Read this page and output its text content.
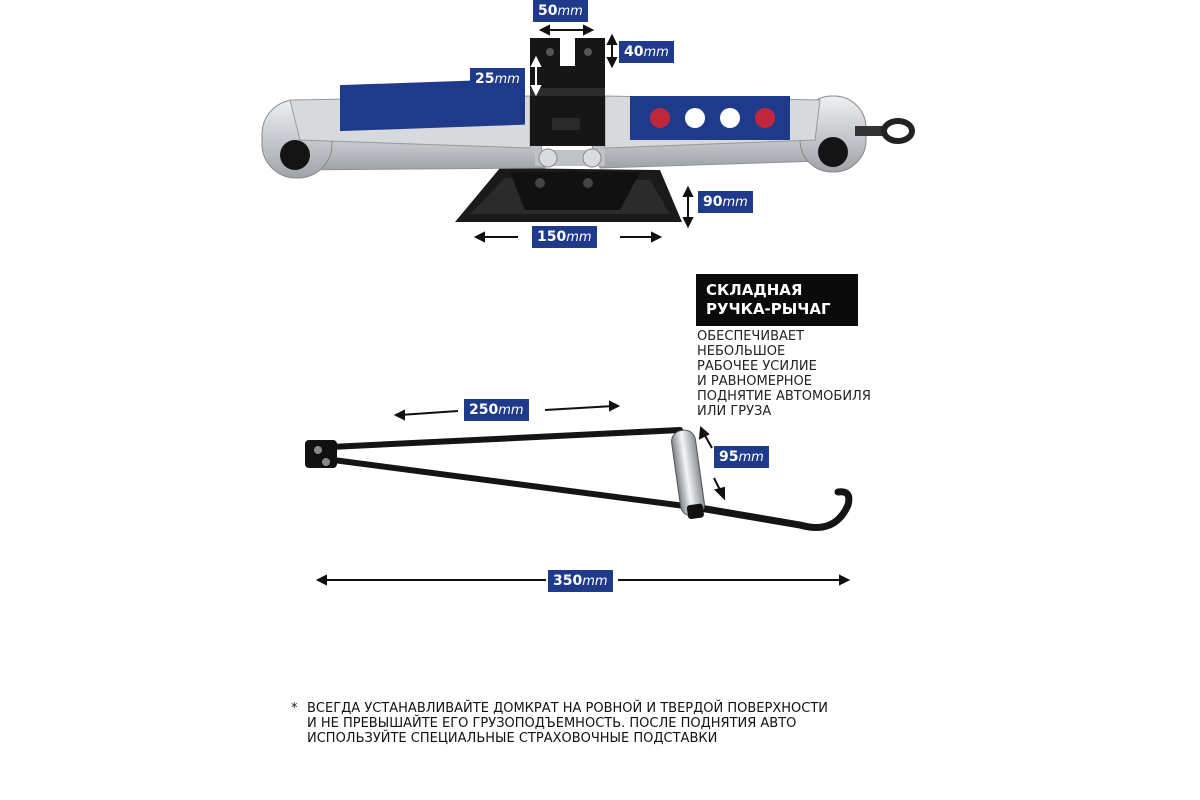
50mm
40mm
25mm
90mm
150mm
250mm
95mm
350mm
СКЛАДНАЯ
РУЧКА-РЫЧАГ
ОБЕСПЕЧИВАЕТ
НЕБОЛЬШОЕ
РАБОЧЕЕ УСИЛИЕ
И РАВНОМЕРНОЕ
ПОДНЯТИЕ АВТОМОБИЛЯ
ИЛИ ГРУЗА
* ВСЕГДА УСТАНАВЛИВАЙТЕ ДОМКРАТ НА РОВНОЙ И ТВЕРДОЙ ПОВЕРХНОСТИ
И НЕ ПРЕВЫШАЙТЕ ЕГО ГРУЗОПОДЪЕМНОСТЬ. ПОСЛЕ ПОДНЯТИЯ АВТО
ИСПОЛЬЗУЙТЕ СПЕЦИАЛЬНЫЕ СТРАХОВОЧНЫЕ ПОДСТАВКИ
